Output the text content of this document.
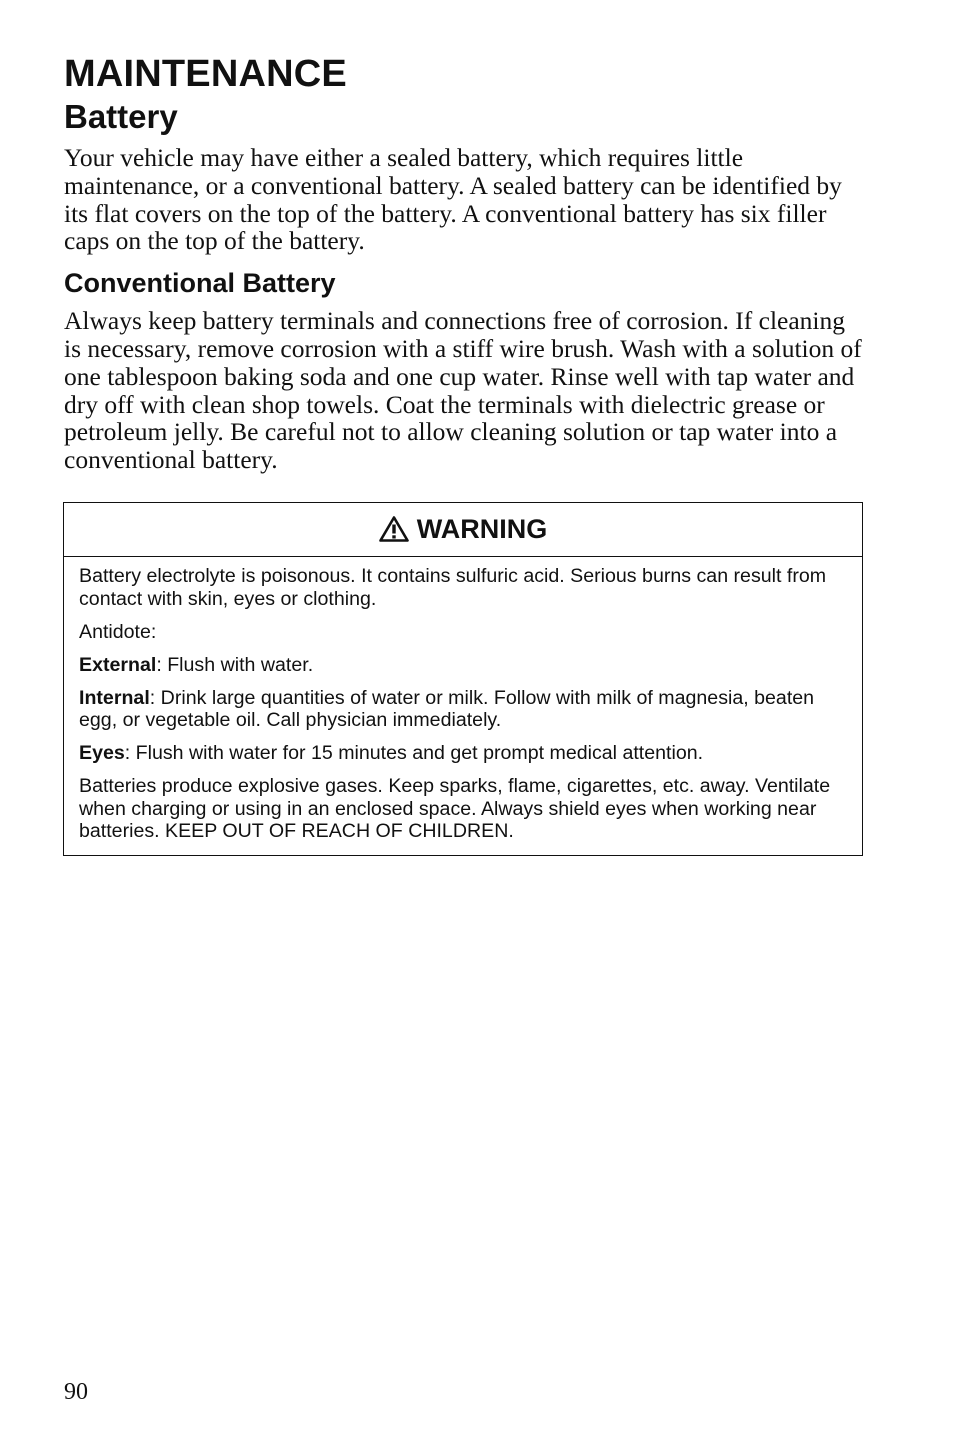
MAINTENANCE
Battery

Your vehicle may have either a sealed battery, which requires little maintenance, or a conventional battery. A sealed battery can be identified by its flat covers on the top of the battery. A conventional battery has six filler caps on the top of the battery.

Conventional Battery

Always keep battery terminals and connections free of corrosion. If cleaning is necessary, remove corrosion with a stiff wire brush. Wash with a solution of one tablespoon baking soda and one cup water. Rinse well with tap water and dry off with clean shop towels. Coat the terminals with dielectric grease or petroleum jelly. Be careful not to allow cleaning solution or tap water into a conventional battery.

WARNING

Battery electrolyte is poisonous. It contains sulfuric acid. Serious burns can result from contact with skin, eyes or clothing.

Antidote:

External: Flush with water.

Internal: Drink large quantities of water or milk. Follow with milk of magnesia, beaten egg, or vegetable oil. Call physician immediately.

Eyes: Flush with water for 15 minutes and get prompt medical attention.

Batteries produce explosive gases. Keep sparks, flame, cigarettes, etc. away. Ventilate when charging or using in an enclosed space. Always shield eyes when working near batteries. KEEP OUT OF REACH OF CHILDREN.

90
